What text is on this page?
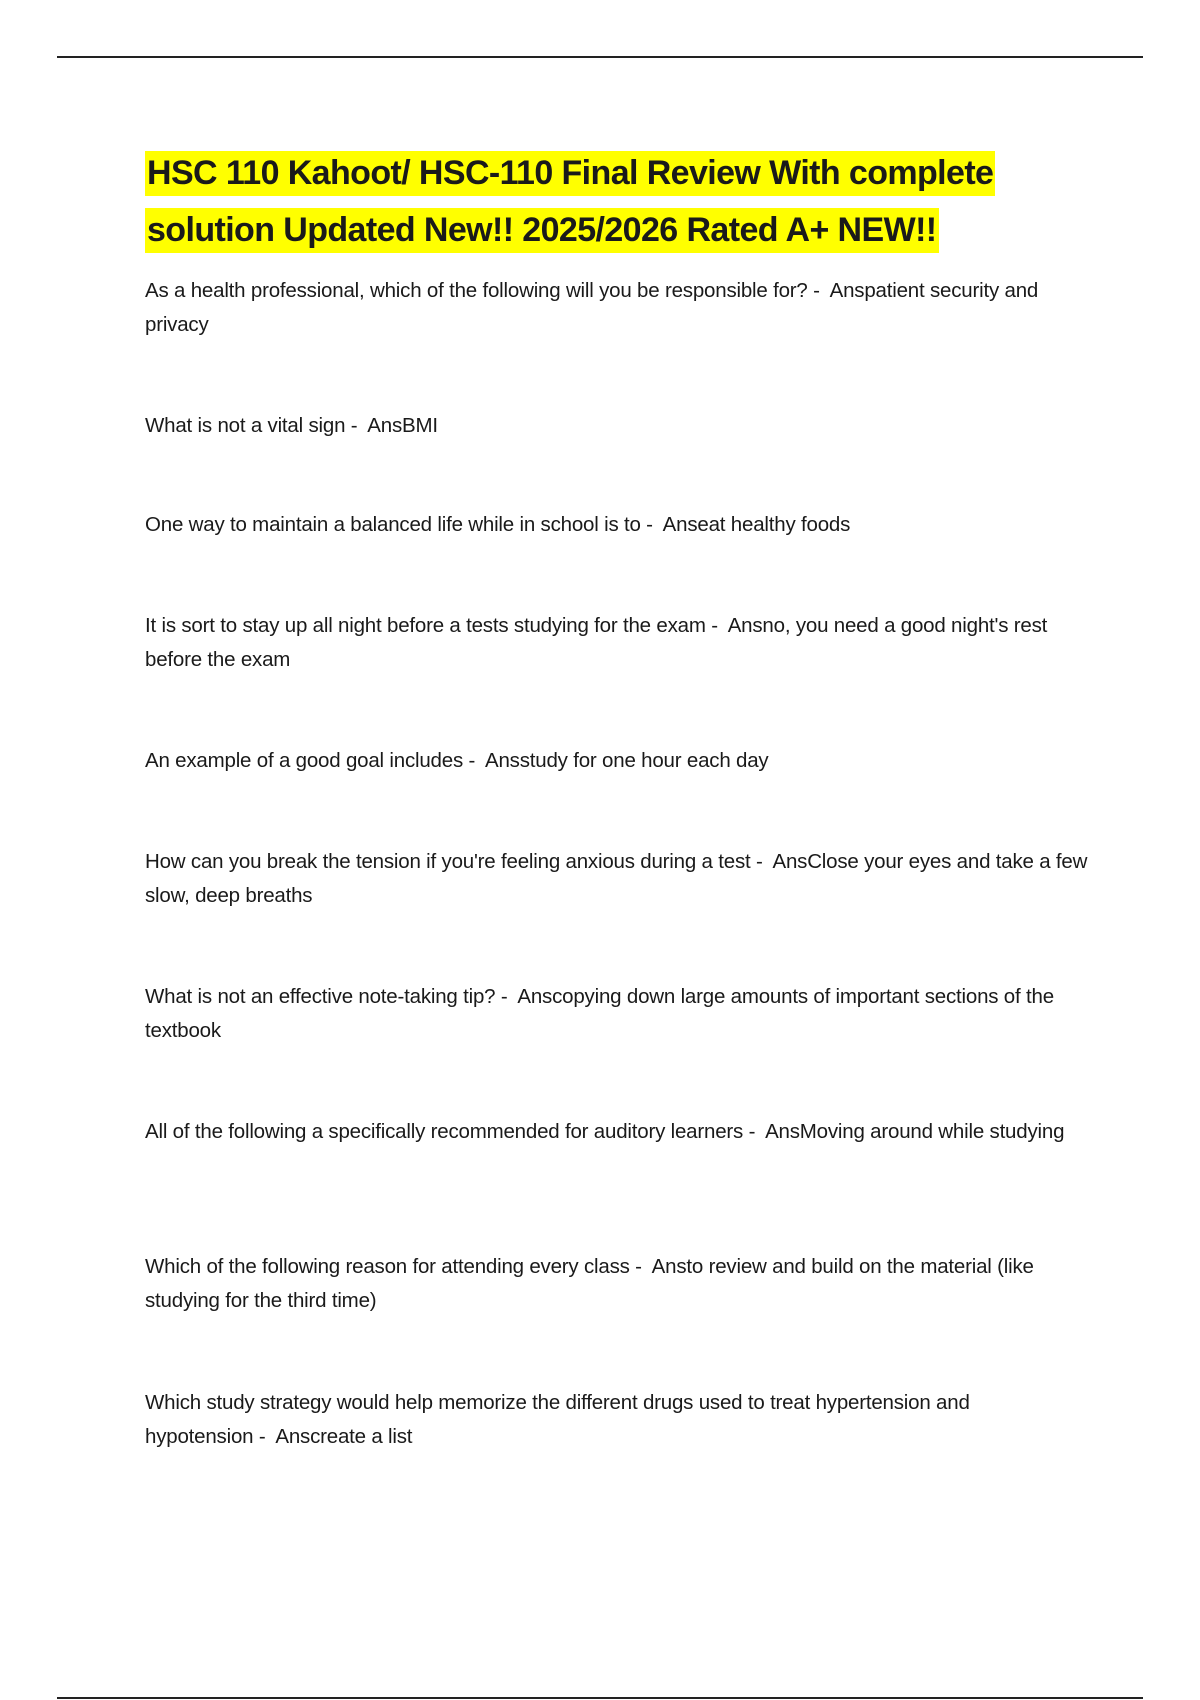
HSC 110 Kahoot/ HSC-110 Final Review With complete solution Updated New!! 2025/2026 Rated A+ NEW!!

As a health professional, which of the following will you be responsible for? -	Ans patient security and privacy

What is not a vital sign -	Ans BMI

One way to maintain a balanced life while in school is to -	Ans eat healthy foods

It is sort to stay up all night before a tests studying for the exam -	Ans no, you need a good night's rest before the exam

An example of a good goal includes -	Ans study for one hour each day

How can you break the tension if you're feeling anxious during a test -	Ans Close your eyes and take a few slow, deep breaths

What is not an effective note-taking tip? -	Ans copying down large amounts of important sections of the textbook

All of the following a specifically recommended for auditory learners -	Ans Moving around while studying

Which of the following reason for attending every class -	Ans to review and build on the material (like studying for the third time)

Which study strategy would help memorize the different drugs used to treat hypertension and hypotension -	Ans create a list
